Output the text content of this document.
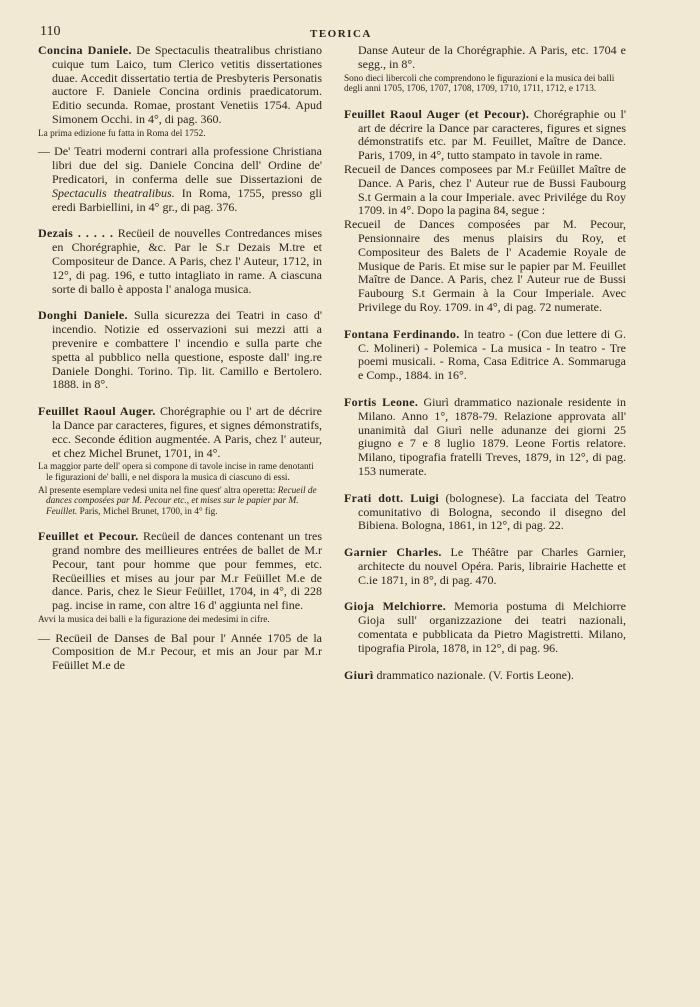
110	TEORICA

Concina Daniele. De Spectaculis theatralibus christiano cuique tum Laico, tum Clerico vetitis dissertationes duae. Accedit dissertatio tertia de Presbyteris Personatis auctore F. Daniele Concina ordinis praedicatorum. Editio secunda. Romae, prostant Venetiis 1754. Apud Simonem Occhi. in 4°, di pag. 360.

La prima edizione fu fatta in Roma del 1752.

— De' Teatri moderni contrari alla professione Christiana libri due del sig. Daniele Concina dell' Ordine de' Predicatori, in conferma delle sue Dissertazioni de Spectaculis theatralibus. In Roma, 1755, presso gli eredi Barbiellini, in 4° gr., di pag. 376.

Dezais . . . . . Recüeil de nouvelles Contredances mises en Chorégraphie, &c. Par le S.r Dezais M.tre et Compositeur de Dance. A Paris, chez l' Auteur, 1712, in 12°, di pag. 196, e tutto intagliato in rame. A ciascuna sorte di ballo è apposta l' analoga musica.

Donghi Daniele. Sulla sicurezza dei Teatri in caso d' incendio. Notizie ed osservazioni sui mezzi atti a prevenire e combattere l' incendio e sulla parte che spetta al pubblico nella questione, esposte dall' ing.re Daniele Donghi. Torino. Tip. lit. Camillo e Bertolero. 1888. in 8°.

Feuillet Raoul Auger. Chorégraphie ou l' art de décrire la Dance par caracteres, figures, et signes démonstratifs, ecc. Seconde édition augmentée. A Paris, chez l' auteur, et chez Michel Brunet, 1701, in 4°.

La maggior parte dell' opera si compone di tavole incise in rame denotanti le figurazioni de' balli, e nel dispora la musica di ciascuno di essi.

Al presente esemplare vedesi unita nel fine quest' altra operetta: Recueil de dances composées par M. Pecour etc., et mises sur le papier par M. Feuillet. Paris, Michel Brunet, 1700, in 4° fig.

Feuillet et Pecour. Recüeil de dances contenant un tres grand nombre des meillieures entrées de ballet de M.r Pecour, tant pour homme que pour femmes, etc. Recüeillies et mises au jour par M.r Feüillet M.e de dance. Paris, chez le Sieur Feüillet, 1704, in 4°, di 228 pag. incise in rame, con altre 16 d' aggiunta nel fine.

Avvi la musica dei balli e la figurazione dei medesimi in cifre.

— Recüeil de Danses de Bal pour l' Année 1705 de la Composition de M.r Pecour, et mis an Jour par M.r Feüillet M.e de

Danse Auteur de la Chorégraphie. A Paris, etc. 1704 e segg., in 8°.

Sono dieci libercoli che comprendono le figurazioni e la musica dei balli degli anni 1705, 1706, 1707, 1708, 1709, 1710, 1711, 1712, e 1713.

Feuillet Raoul Auger (et Pecour). Chorégraphie ou l' art de décrire la Dance par caracteres, figures et signes démonstratifs etc. par M. Feuillet, Maître de Dance. Paris, 1709, in 4°, tutto stampato in tavole in rame.

Recueil de Dances composees par M.r Feüillet Maître de Dance. A Paris, chez l' Auteur rue de Bussi Faubourg S.t Germain a la cour Imperiale. avec Privilége du Roy 1709. in 4°. Dopo la pagina 84, segue :

Recueil de Dances composées par M. Pecour, Pensionnaire des menus plaisirs du Roy, et Compositeur des Balets de l' Academie Royale de Musique de Paris. Et mise sur le papier par M. Feuillet Maître de Dance. A Paris, chez l' Auteur rue de Bussi Faubourg S.t Germain à la Cour Imperiale. Avec Privilege du Roy. 1709. in 4°, di pag. 72 numerate.

Fontana Ferdinando. In teatro - (Con due lettere di G. C. Molineri) - Polemica - La musica - In teatro - Tre poemi musicali. - Roma, Casa Editrice A. Sommaruga e Comp., 1884. in 16°.

Fortis Leone. Giurì drammatico nazionale residente in Milano. Anno 1°, 1878-79. Relazione approvata all' unanimità dal Giurì nelle adunanze dei giorni 25 giugno e 7 e 8 luglio 1879. Leone Fortis relatore. Milano, tipografia fratelli Treves, 1879, in 12°, di pag. 153 numerate.

Frati dott. Luigi (bolognese). La facciata del Teatro comunitativo di Bologna, secondo il disegno del Bibiena. Bologna, 1861, in 12°, di pag. 22.

Garnier Charles. Le Théâtre par Charles Garnier, architecte du nouvel Opéra. Paris, librairie Hachette et C.ie 1871, in 8°, di pag. 470.

Gioja Melchiorre. Memoria postuma di Melchiorre Gioja sull' organizzazione dei teatri nazionali, comentata e pubblicata da Pietro Magistretti. Milano, tipografia Pirola, 1878, in 12°, di pag. 96.

Giurì drammatico nazionale. (V. Fortis Leone).
